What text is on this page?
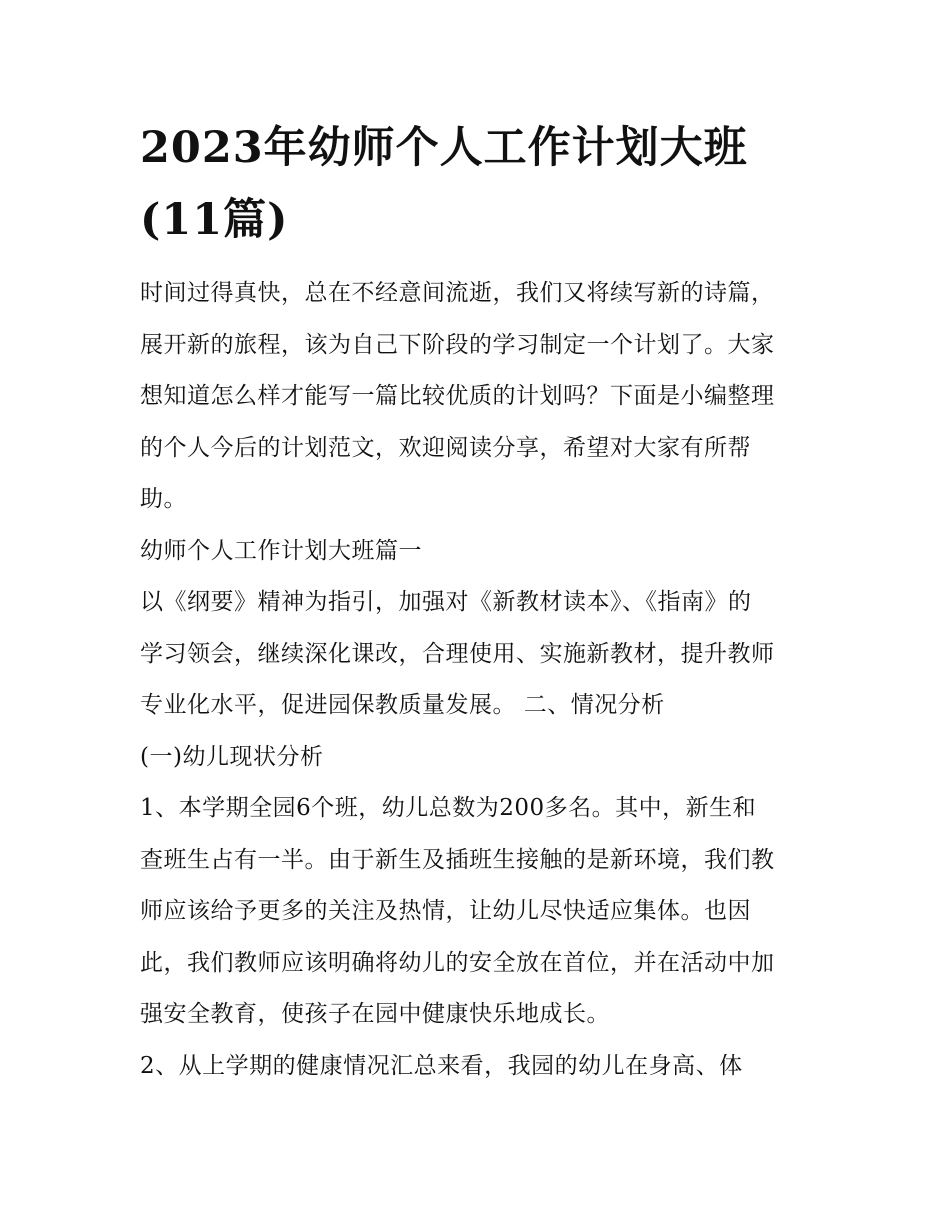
2023年幼师个人工作计划大班
(11篇)

时间过得真快，总在不经意间流逝，我们又将续写新的诗篇，
展开新的旅程，该为自己下阶段的学习制定一个计划了。大家
想知道怎么样才能写一篇比较优质的计划吗？下面是小编整理
的个人今后的计划范文，欢迎阅读分享，希望对大家有所帮
助。

幼师个人工作计划大班篇一

以《纲要》精神为指引，加强对《新教材读本》、《指南》的
学习领会，继续深化课改，合理使用、实施新教材，提升教师
专业化水平，促进园保教质量发展。 二、情况分析

(一)幼儿现状分析

1、本学期全园6个班，幼儿总数为200多名。其中，新生和
查班生占有一半。由于新生及插班生接触的是新环境，我们教
师应该给予更多的关注及热情，让幼儿尽快适应集体。也因
此，我们教师应该明确将幼儿的安全放在首位，并在活动中加
强安全教育，使孩子在园中健康快乐地成长。

2、从上学期的健康情况汇总来看，我园的幼儿在身高、体
